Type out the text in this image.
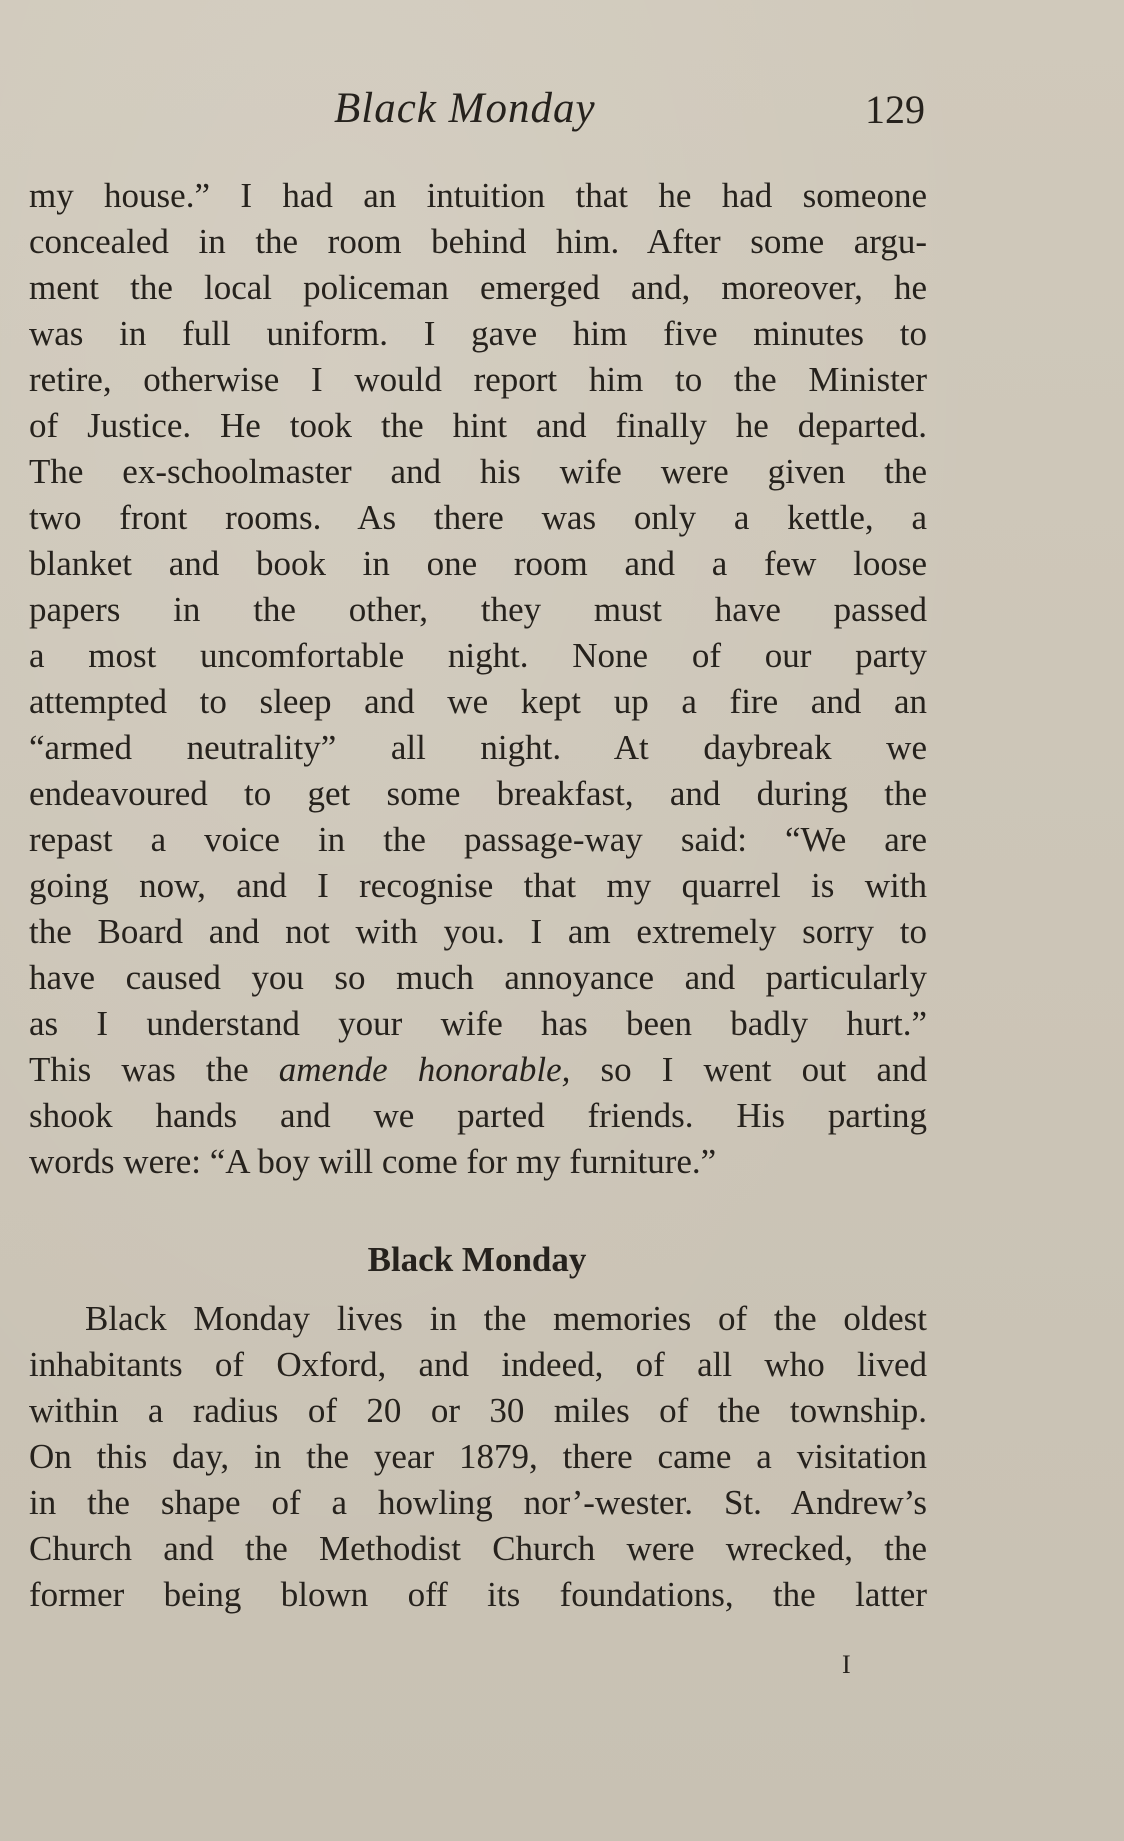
Black Monday	129
my house.” I had an intuition that he had someone
concealed in the room behind him. After some argu-
ment the local policeman emerged and, moreover, he
was in full uniform. I gave him five minutes to
retire, otherwise I would report him to the Minister
of Justice. He took the hint and finally he departed.
The ex-schoolmaster and his wife were given the
two front rooms. As there was only a kettle, a
blanket and book in one room and a few loose
papers in the other, they must have passed
a most uncomfortable night. None of our party
attempted to sleep and we kept up a fire and an
“armed neutrality” all night. At daybreak we
endeavoured to get some breakfast, and during the
repast a voice in the passage-way said: “We are
going now, and I recognise that my quarrel is with
the Board and not with you. I am extremely sorry to
have caused you so much annoyance and particularly
as I understand your wife has been badly hurt.”
This was the amende honorable, so I went out and
shook hands and we parted friends. His parting
words were: “A boy will come for my furniture.”
Black Monday
Black Monday lives in the memories of the oldest
inhabitants of Oxford, and indeed, of all who lived
within a radius of 20 or 30 miles of the township.
On this day, in the year 1879, there came a visitation
in the shape of a howling nor’-wester. St. Andrew’s
Church and the Methodist Church were wrecked, the
former being blown off its foundations, the latter
I
